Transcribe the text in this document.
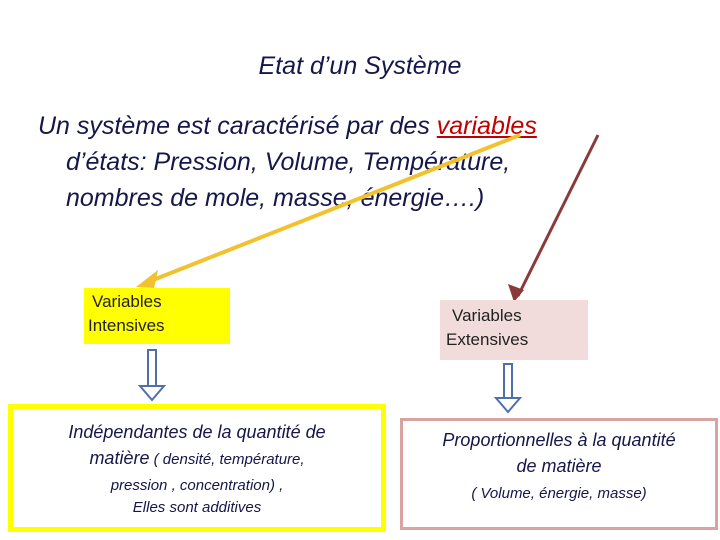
Etat d’un Système
Un système est caractérisé par des variables
d’états: Pression, Volume, Température,
nombres de mole, masse, énergie….)
Variables
Intensives
Variables
Extensives
Indépendantes de la quantité de
matière ( densité, température,
pression , concentration) ,
Elles sont additives
Proportionnelles à la quantité
de matière
( Volume, énergie, masse)
